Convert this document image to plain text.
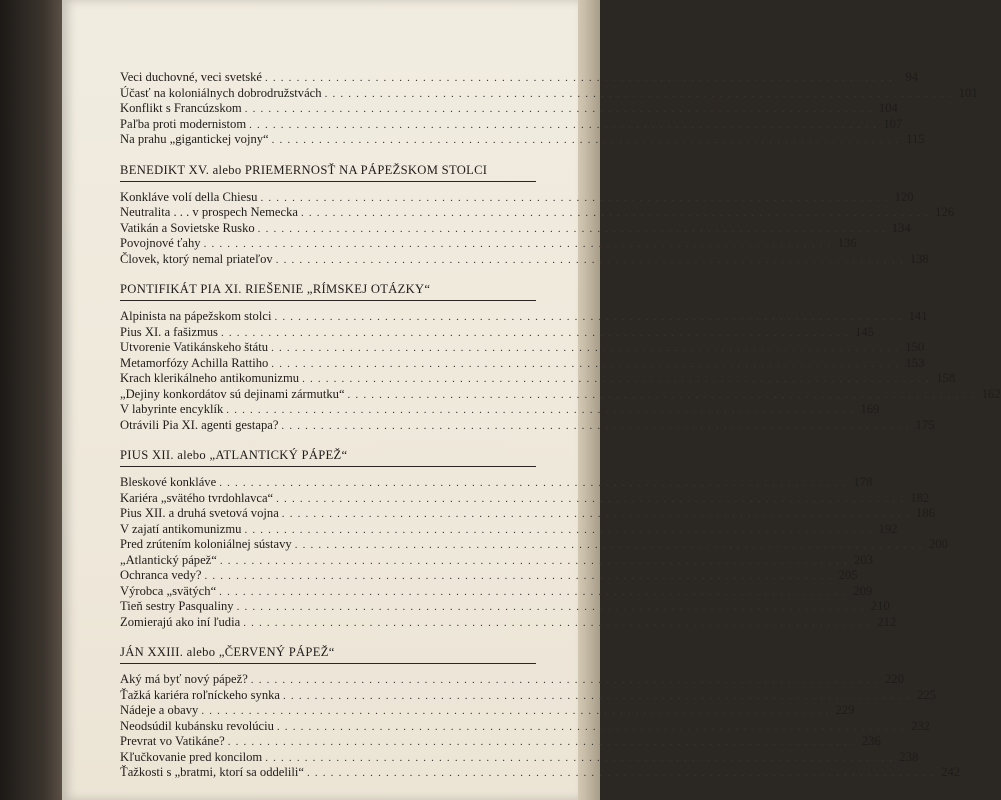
Veci duchovné, veci svetské . . . . . . . . . . . . . . . . . . . . . . . . . . . . . . . . . . . . . . . . . . . . . . . . . . . . . . . . . . . . . . . . . . . . . . . . . . . . . . . . 94
Účasť na koloniálnych dobrodružstvách . . . . . . . . . . . . . . . . . . . . . . . . . . . . . . . . . . . . . . . . . . . . . . . . . . . . . . . . . . . . . . . . . . . . . . . . . . . . . . . . 101
Konflikt s Francúzskom . . . . . . . . . . . . . . . . . . . . . . . . . . . . . . . . . . . . . . . . . . . . . . . . . . . . . . . . . . . . . . . . . . . . . . . . . . . . . . . . 104
Paľba proti modernistom . . . . . . . . . . . . . . . . . . . . . . . . . . . . . . . . . . . . . . . . . . . . . . . . . . . . . . . . . . . . . . . . . . . . . . . . . . . . . . . . 107
Na prahu „gigantickej vojny“ . . . . . . . . . . . . . . . . . . . . . . . . . . . . . . . . . . . . . . . . . . . . . . . . . . . . . . . . . . . . . . . . . . . . . . . . . . . . . . . . 115
BENEDIKT XV. alebo PRIEMERNOSŤ NA PÁPEŽSKOM STOLCI
Konkláve volí della Chiesu . . . . . . . . . . . . . . . . . . . . . . . . . . . . . . . . . . . . . . . . . . . . . . . . . . . . . . . . . . . . . . . . . . . . . . . . . . . . . . . . 120
Neutralita . . . v prospech Nemecka . . . . . . . . . . . . . . . . . . . . . . . . . . . . . . . . . . . . . . . . . . . . . . . . . . . . . . . . . . . . . . . . . . . . . . . . . . . . . . . . 126
Vatikán a Sovietske Rusko . . . . . . . . . . . . . . . . . . . . . . . . . . . . . . . . . . . . . . . . . . . . . . . . . . . . . . . . . . . . . . . . . . . . . . . . . . . . . . . . 134
Povojnové ťahy . . . . . . . . . . . . . . . . . . . . . . . . . . . . . . . . . . . . . . . . . . . . . . . . . . . . . . . . . . . . . . . . . . . . . . . . . . . . . . . . 136
Človek, ktorý nemal priateľov . . . . . . . . . . . . . . . . . . . . . . . . . . . . . . . . . . . . . . . . . . . . . . . . . . . . . . . . . . . . . . . . . . . . . . . . . . . . . . . . 138
PONTIFIKÁT PIA XI. RIEŠENIE „RÍMSKEJ OTÁZKY“
Alpinista na pápežskom stolci . . . . . . . . . . . . . . . . . . . . . . . . . . . . . . . . . . . . . . . . . . . . . . . . . . . . . . . . . . . . . . . . . . . . . . . . . . . . . . . . 141
Pius XI. a fašizmus . . . . . . . . . . . . . . . . . . . . . . . . . . . . . . . . . . . . . . . . . . . . . . . . . . . . . . . . . . . . . . . . . . . . . . . . . . . . . . . . 145
Utvorenie Vatikánskeho štátu . . . . . . . . . . . . . . . . . . . . . . . . . . . . . . . . . . . . . . . . . . . . . . . . . . . . . . . . . . . . . . . . . . . . . . . . . . . . . . . . 150
Metamorfózy Achilla Rattiho . . . . . . . . . . . . . . . . . . . . . . . . . . . . . . . . . . . . . . . . . . . . . . . . . . . . . . . . . . . . . . . . . . . . . . . . . . . . . . . . 153
Krach klerikálneho antikomunizmu . . . . . . . . . . . . . . . . . . . . . . . . . . . . . . . . . . . . . . . . . . . . . . . . . . . . . . . . . . . . . . . . . . . . . . . . . . . . . . . . 158
„Dejiny konkordátov sú dejinami zármutku“ . . . . . . . . . . . . . . . . . . . . . . . . . . . . . . . . . . . . . . . . . . . . . . . . . . . . . . . . . . . . . . . . . . . . . . . . . . . . . . . . 162
V labyrinte encyklík . . . . . . . . . . . . . . . . . . . . . . . . . . . . . . . . . . . . . . . . . . . . . . . . . . . . . . . . . . . . . . . . . . . . . . . . . . . . . . . . 169
Otrávili Pia XI. agenti gestapa? . . . . . . . . . . . . . . . . . . . . . . . . . . . . . . . . . . . . . . . . . . . . . . . . . . . . . . . . . . . . . . . . . . . . . . . . . . . . . . . . 175
PIUS XII. alebo „ATLANTICKÝ PÁPEŽ“
Bleskové konkláve . . . . . . . . . . . . . . . . . . . . . . . . . . . . . . . . . . . . . . . . . . . . . . . . . . . . . . . . . . . . . . . . . . . . . . . . . . . . . . . . 178
Kariéra „svätého tvrdohlavca“ . . . . . . . . . . . . . . . . . . . . . . . . . . . . . . . . . . . . . . . . . . . . . . . . . . . . . . . . . . . . . . . . . . . . . . . . . . . . . . . . 182
Pius XII. a druhá svetová vojna . . . . . . . . . . . . . . . . . . . . . . . . . . . . . . . . . . . . . . . . . . . . . . . . . . . . . . . . . . . . . . . . . . . . . . . . . . . . . . . . 186
V zajatí antikomunizmu . . . . . . . . . . . . . . . . . . . . . . . . . . . . . . . . . . . . . . . . . . . . . . . . . . . . . . . . . . . . . . . . . . . . . . . . . . . . . . . . 192
Pred zrútením koloniálnej sústavy . . . . . . . . . . . . . . . . . . . . . . . . . . . . . . . . . . . . . . . . . . . . . . . . . . . . . . . . . . . . . . . . . . . . . . . . . . . . . . . . 200
„Atlantický pápež“ . . . . . . . . . . . . . . . . . . . . . . . . . . . . . . . . . . . . . . . . . . . . . . . . . . . . . . . . . . . . . . . . . . . . . . . . . . . . . . . . 203
Ochranca vedy? . . . . . . . . . . . . . . . . . . . . . . . . . . . . . . . . . . . . . . . . . . . . . . . . . . . . . . . . . . . . . . . . . . . . . . . . . . . . . . . . 205
Výrobca „svätých“ . . . . . . . . . . . . . . . . . . . . . . . . . . . . . . . . . . . . . . . . . . . . . . . . . . . . . . . . . . . . . . . . . . . . . . . . . . . . . . . . 209
Tieň sestry Pasqualiny . . . . . . . . . . . . . . . . . . . . . . . . . . . . . . . . . . . . . . . . . . . . . . . . . . . . . . . . . . . . . . . . . . . . . . . . . . . . . . . . 210
Zomierajú ako iní ľudia . . . . . . . . . . . . . . . . . . . . . . . . . . . . . . . . . . . . . . . . . . . . . . . . . . . . . . . . . . . . . . . . . . . . . . . . . . . . . . . . 212
JÁN XXIII. alebo „ČERVENÝ PÁPEŽ“
Aký má byť nový pápež? . . . . . . . . . . . . . . . . . . . . . . . . . . . . . . . . . . . . . . . . . . . . . . . . . . . . . . . . . . . . . . . . . . . . . . . . . . . . . . . . 220
Ťažká kariéra roľníckeho synka . . . . . . . . . . . . . . . . . . . . . . . . . . . . . . . . . . . . . . . . . . . . . . . . . . . . . . . . . . . . . . . . . . . . . . . . . . . . . . . . 225
Nádeje a obavy . . . . . . . . . . . . . . . . . . . . . . . . . . . . . . . . . . . . . . . . . . . . . . . . . . . . . . . . . . . . . . . . . . . . . . . . . . . . . . . . 229
Neodsúdil kubánsku revolúciu . . . . . . . . . . . . . . . . . . . . . . . . . . . . . . . . . . . . . . . . . . . . . . . . . . . . . . . . . . . . . . . . . . . . . . . . . . . . . . . . 232
Prevrat vo Vatikáne? . . . . . . . . . . . . . . . . . . . . . . . . . . . . . . . . . . . . . . . . . . . . . . . . . . . . . . . . . . . . . . . . . . . . . . . . . . . . . . . . 236
Kľučkovanie pred koncilom . . . . . . . . . . . . . . . . . . . . . . . . . . . . . . . . . . . . . . . . . . . . . . . . . . . . . . . . . . . . . . . . . . . . . . . . . . . . . . . . 238
Ťažkosti s „bratmi, ktorí sa oddelili“ . . . . . . . . . . . . . . . . . . . . . . . . . . . . . . . . . . . . . . . . . . . . . . . . . . . . . . . . . . . . . . . . . . . . . . . . . . . . . . . . 242
